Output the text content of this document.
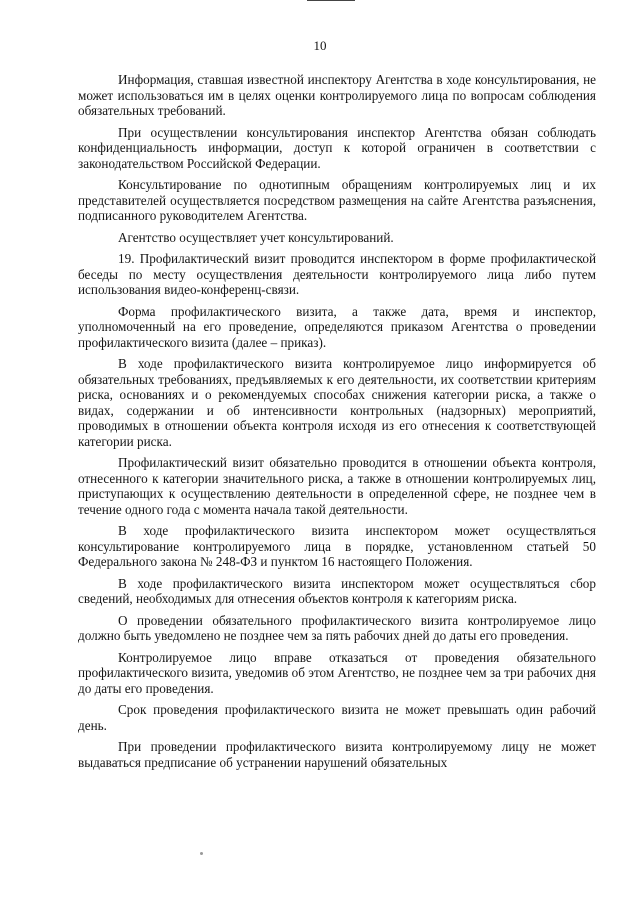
10

Информация, ставшая известной инспектору Агентства в ходе консультирования, не может использоваться им в целях оценки контролируемого лица по вопросам соблюдения обязательных требований.

При осуществлении консультирования инспектор Агентства обязан соблюдать конфиденциальность информации, доступ к которой ограничен в соответствии с законодательством Российской Федерации.

Консультирование по однотипным обращениям контролируемых лиц и их представителей осуществляется посредством размещения на сайте Агентства разъяснения, подписанного руководителем Агентства.

Агентство осуществляет учет консультирований.

19. Профилактический визит проводится инспектором в форме профилактической беседы по месту осуществления деятельности контролируемого лица либо путем использования видео-конференц-связи.

Форма профилактического визита, а также дата, время и инспектор, уполномоченный на его проведение, определяются приказом Агентства о проведении профилактического визита (далее – приказ).

В ходе профилактического визита контролируемое лицо информируется об обязательных требованиях, предъявляемых к его деятельности, их соответствии критериям риска, основаниях и о рекомендуемых способах снижения категории риска, а также о видах, содержании и об интенсивности контрольных (надзорных) мероприятий, проводимых в отношении объекта контроля исходя из его отнесения к соответствующей категории риска.

Профилактический визит обязательно проводится в отношении объекта контроля, отнесенного к категории значительного риска, а также в отношении контролируемых лиц, приступающих к осуществлению деятельности в определенной сфере, не позднее чем в течение одного года с момента начала такой деятельности.

В ходе профилактического визита инспектором может осуществляться консультирование контролируемого лица в порядке, установленном статьей 50 Федерального закона № 248-ФЗ и пунктом 16 настоящего Положения.

В ходе профилактического визита инспектором может осуществляться сбор сведений, необходимых для отнесения объектов контроля к категориям риска.

О проведении обязательного профилактического визита контролируемое лицо должно быть уведомлено не позднее чем за пять рабочих дней до даты его проведения.

Контролируемое лицо вправе отказаться от проведения обязательного профилактического визита, уведомив об этом Агентство, не позднее чем за три рабочих дня до даты его проведения.

Срок проведения профилактического визита не может превышать один рабочий день.

При проведении профилактического визита контролируемому лицу не может выдаваться предписание об устранении нарушений обязательных
